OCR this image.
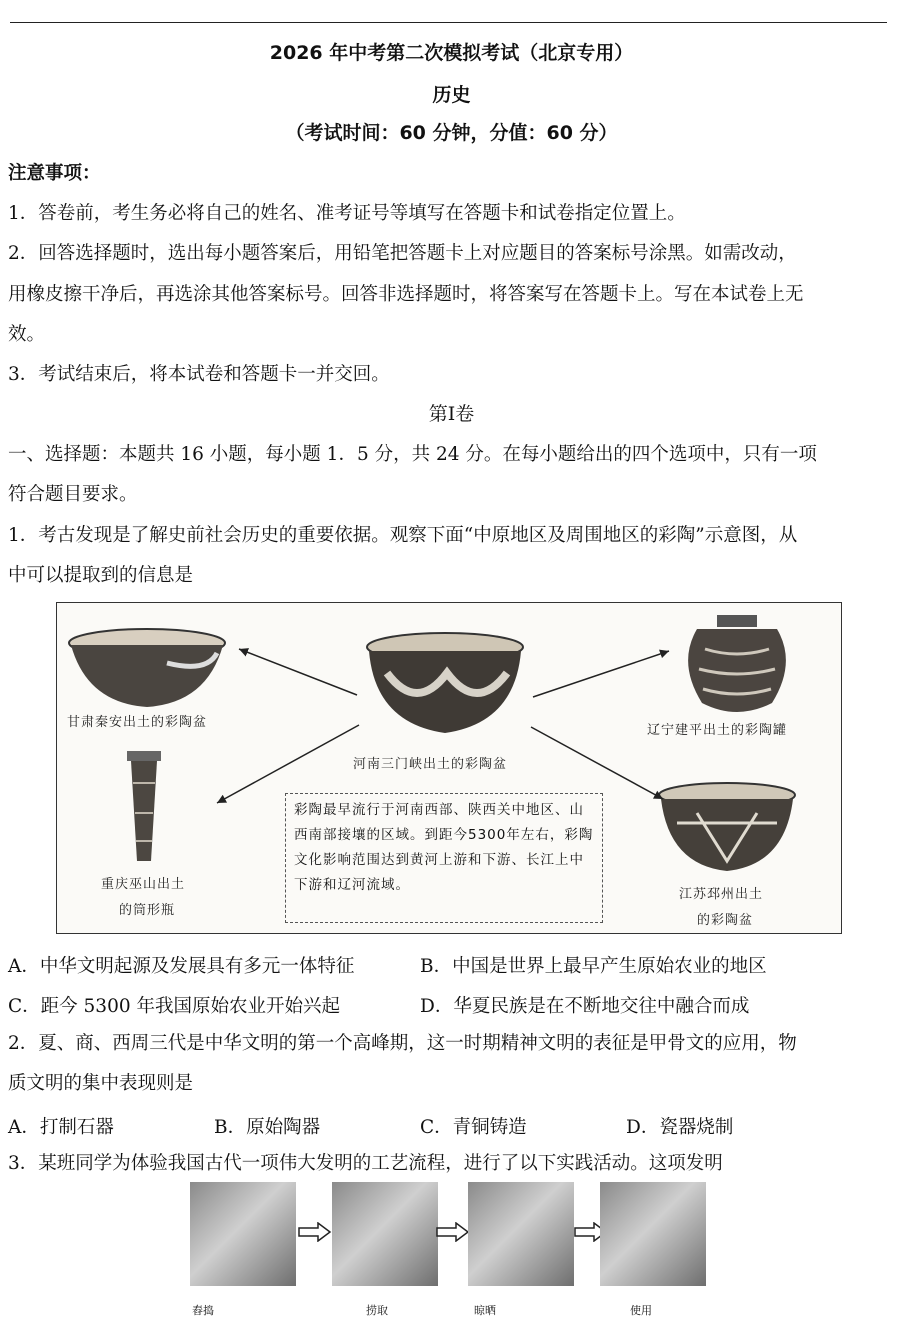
2026 年中考第二次模拟考试（北京专用）
历史
（考试时间：60 分钟，分值：60 分）
注意事项：
1．答卷前，考生务必将自己的姓名、准考证号等填写在答题卡和试卷指定位置上。
2．回答选择题时，选出每小题答案后，用铅笔把答题卡上对应题目的答案标号涂黑。如需改动，
用橡皮擦干净后，再选涂其他答案标号。回答非选择题时，将答案写在答题卡上。写在本试卷上无
效。
3．考试结束后，将本试卷和答题卡一并交回。
第Ⅰ卷
一、选择题：本题共 16 小题，每小题 1．5 分，共 24 分。在每小题给出的四个选项中，只有一项
符合题目要求。
1．考古发现是了解史前社会历史的重要依据。观察下面“中原地区及周围地区的彩陶”示意图，从
中可以提取到的信息是
甘肃秦安出土的彩陶盆
河南三门峡出土的彩陶盆
辽宁建平出土的彩陶罐
重庆巫山出土
的筒形瓶
江苏邳州出土
的彩陶盆
彩陶最早流行于河南西部、陕西关中地区、山西南部接壤的区域。到距今5300年左右，彩陶文化影响范围达到黄河上游和下游、长江上中下游和辽河流域。
A．中华文明起源及发展具有多元一体特征	B．中国是世界上最早产生原始农业的地区
C．距今 5300 年我国原始农业开始兴起	D．华夏民族是在不断地交往中融合而成
2．夏、商、西周三代是中华文明的第一个高峰期，这一时期精神文明的表征是甲骨文的应用，物
质文明的集中表现则是
A．打制石器	B．原始陶器	C．青铜铸造	D．瓷器烧制
3．某班同学为体验我国古代一项伟大发明的工艺流程，进行了以下实践活动。这项发明
舂捣	捞取	晾晒	使用
